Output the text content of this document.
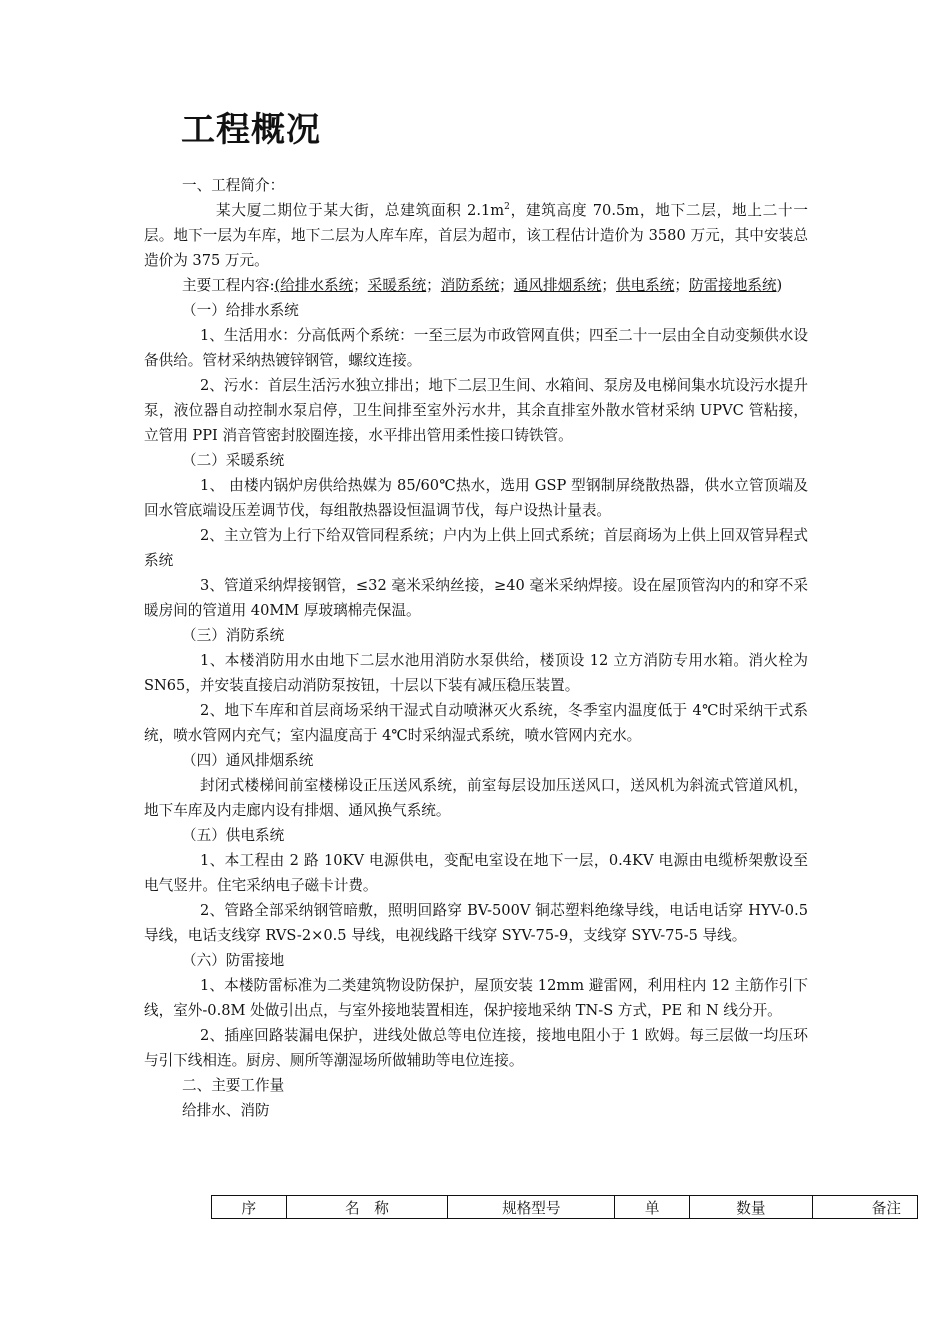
工程概况

一、工程简介：

某大厦二期位于某大街，总建筑面积 $2.1m^2$，建筑高度 70.5m，地下二层，地上二十一层。地下一层为车库，地下二层为人库车库，首层为超市，该工程估计造价为 3580 万元，其中安装总造价为 375 万元。

主要工程内容:(给排水系统；采暖系统；消防系统；通风排烟系统；供电系统；防雷接地系统)

（一）给排水系统

1、生活用水：分高低两个系统：一至三层为市政管网直供；四至二十一层由全自动变频供水设备供给。管材采纳热镀锌钢管，螺纹连接。

2、污水：首层生活污水独立排出；地下二层卫生间、水箱间、泵房及电梯间集水坑设污水提升泵，液位器自动控制水泵启停，卫生间排至室外污水井，其余直排室外散水管材采纳 UPVC 管粘接，立管用 PPI 消音管密封胶圈连接，水平排出管用柔性接口铸铁管。

（二）采暖系统

1、 由楼内锅炉房供给热媒为 85/60℃热水，选用 GSP 型钢制屏绕散热器，供水立管顶端及回水管底端设压差调节伐，每组散热器设恒温调节伐，每户设热计量表。

2、主立管为上行下给双管同程系统；户内为上供上回式系统；首层商场为上供上回双管异程式系统

3、管道采纳焊接钢管，≤32 毫米采纳丝接，≥40 毫米采纳焊接。设在屋顶管沟内的和穿不采暖房间的管道用 40MM 厚玻璃棉壳保温。

（三）消防系统

1、本楼消防用水由地下二层水池用消防水泵供给，楼顶设 12 立方消防专用水箱。消火栓为 SN65，并安装直接启动消防泵按钮，十层以下装有减压稳压装置。

2、地下车库和首层商场采纳干湿式自动喷淋灭火系统，冬季室内温度低于 4℃时采纳干式系统，喷水管网内充气；室内温度高于 4℃时采纳湿式系统，喷水管网内充水。

（四）通风排烟系统

封闭式楼梯间前室楼梯设正压送风系统，前室每层设加压送风口，送风机为斜流式管道风机，地下车库及内走廊内设有排烟、通风换气系统。

（五）供电系统

1、本工程由 2 路 10KV 电源供电，变配电室设在地下一层，0.4KV 电源由电缆桥架敷设至电气竖井。住宅采纳电子磁卡计费。

2、管路全部采纳钢管暗敷，照明回路穿 BV-500V 铜芯塑料绝缘导线，电话电话穿 HYV-0.5 导线，电话支线穿 RVS-2×0.5 导线，电视线路干线穿 SYV-75-9，支线穿 SYV-75-5 导线。

（六）防雷接地

1、本楼防雷标准为二类建筑物设防保护，屋顶安装 12mm 避雷网，利用柱内 12 主筋作引下线，室外-0.8M 处做引出点，与室外接地装置相连，保护接地采纳 TN-S 方式，PE 和 N 线分开。

2、插座回路装漏电保护，进线处做总等电位连接，接地电阻小于 1 欧姆。每三层做一均压环与引下线相连。厨房、厕所等潮湿场所做辅助等电位连接。

二、主要工作量

给排水、消防

序	名　称	规格型号	单	数量	备注
